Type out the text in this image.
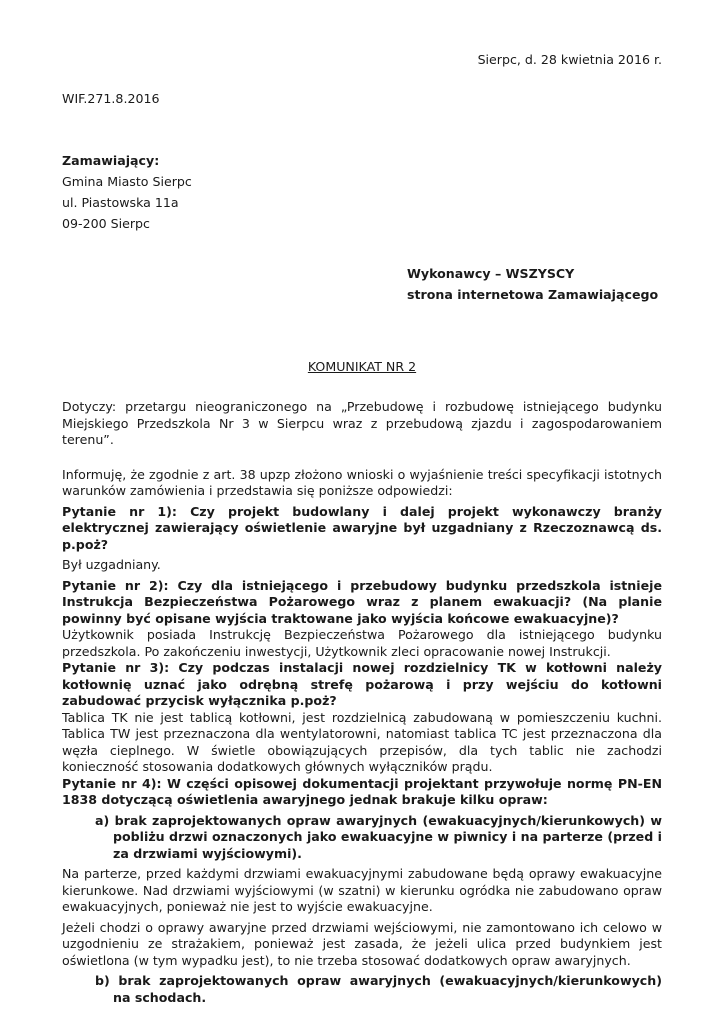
Sierpc, d. 28 kwietnia 2016 r.
WIF.271.8.2016
Zamawiający:
Gmina Miasto Sierpc
ul. Piastowska 11a
09-200 Sierpc
Wykonawcy – WSZYSCY
strona internetowa Zamawiającego
KOMUNIKAT NR 2

Dotyczy: przetargu nieograniczonego na „Przebudowę i rozbudowę istniejącego budynku Miejskiego Przedszkola Nr 3 w Sierpcu wraz z przebudową zjazdu i zagospodarowaniem terenu”.

Informuję, że zgodnie z art. 38 upzp złożono wnioski o wyjaśnienie treści specyfikacji istotnych warunków zamówienia i przedstawia się poniższe odpowiedzi:

Pytanie nr 1): Czy projekt budowlany i dalej projekt wykonawczy branży elektrycznej zawierający oświetlenie awaryjne był uzgadniany z Rzeczoznawcą ds. p.poż?

Był uzgadniany.

Pytanie nr 2): Czy dla istniejącego i przebudowy budynku przedszkola istnieje Instrukcja Bezpieczeństwa Pożarowego wraz z planem ewakuacji? (Na planie powinny być opisane wyjścia traktowane jako wyjścia końcowe ewakuacyjne)?

Użytkownik posiada Instrukcję Bezpieczeństwa Pożarowego dla istniejącego budynku przedszkola. Po zakończeniu inwestycji, Użytkownik zleci opracowanie nowej Instrukcji.

Pytanie nr 3): Czy podczas instalacji nowej rozdzielnicy TK w kotłowni należy kotłownię uznać jako odrębną strefę pożarową i przy wejściu do kotłowni zabudować przycisk wyłącznika p.poż?

Tablica TK nie jest tablicą kotłowni, jest rozdzielnicą zabudowaną w pomieszczeniu kuchni. Tablica TW jest przeznaczona dla wentylatorowni, natomiast tablica TC jest przeznaczona dla węzła cieplnego. W świetle obowiązujących przepisów, dla tych tablic nie zachodzi konieczność stosowania dodatkowych głównych wyłączników prądu.

Pytanie nr 4): W części opisowej dokumentacji projektant przywołuje normę PN-EN 1838 dotyczącą oświetlenia awaryjnego jednak brakuje kilku opraw:

a) brak zaprojektowanych opraw awaryjnych (ewakuacyjnych/kierunkowych) w pobliżu drzwi oznaczonych jako ewakuacyjne w piwnicy i na parterze (przed i za drzwiami wyjściowymi).

Na parterze, przed każdymi drzwiami ewakuacyjnymi zabudowane będą oprawy ewakuacyjne kierunkowe. Nad drzwiami wyjściowymi (w szatni) w kierunku ogródka nie zabudowano opraw ewakuacyjnych, ponieważ nie jest to wyjście ewakuacyjne.

Jeżeli chodzi o oprawy awaryjne przed drzwiami wejściowymi, nie zamontowano ich celowo w uzgodnieniu ze strażakiem, ponieważ jest zasada, że jeżeli ulica przed budynkiem jest oświetlona (w tym wypadku jest), to nie trzeba stosować dodatkowych opraw awaryjnych.

b) brak zaprojektowanych opraw awaryjnych (ewakuacyjnych/kierunkowych) na schodach.
